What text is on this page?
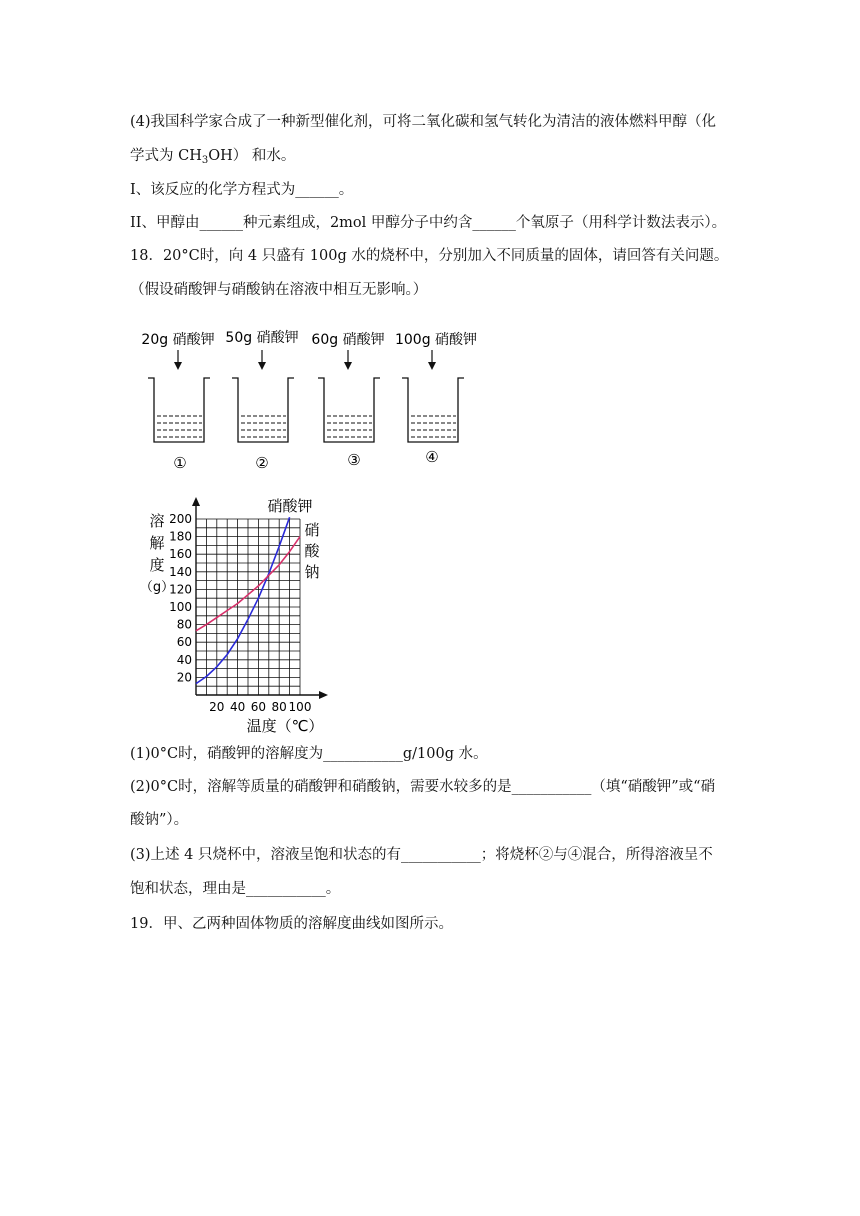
(4)我国科学家合成了一种新型催化剂，可将二氧化碳和氢气转化为清洁的液体燃料甲醇（化
学式为 $CH_3OH$） 和水。
I、该反应的化学方程式为______。
II、甲醇由______种元素组成，2mol 甲醇分子中约含______个氧原子（用科学计数法表示）。
18．20°C时，向 4 只盛有 100g 水的烧杯中，分别加入不同质量的固体，请回答有关问题。
（假设硝酸钾与硝酸钠在溶液中相互无影响。）
20g 硝酸钾
①
50g 硝酸钾
②
60g 硝酸钾
③
100g 硝酸钾
④
20 40 60 80 100
20
40
60
80
100
120
140
160
180
200
硝酸钾
硝
酸
钠
溶
解
度
（g）
温度（℃）
(1)0°C时，硝酸钾的溶解度为___________g/100g 水。
(2)0°C时，溶解等质量的硝酸钾和硝酸钠，需要水较多的是___________（填“硝酸钾”或“硝
酸钠”）。
(3)上述 4 只烧杯中，溶液呈饱和状态的有___________；将烧杯②与④混合，所得溶液呈不
饱和状态，理由是___________。
19．甲、乙两种固体物质的溶解度曲线如图所示。
